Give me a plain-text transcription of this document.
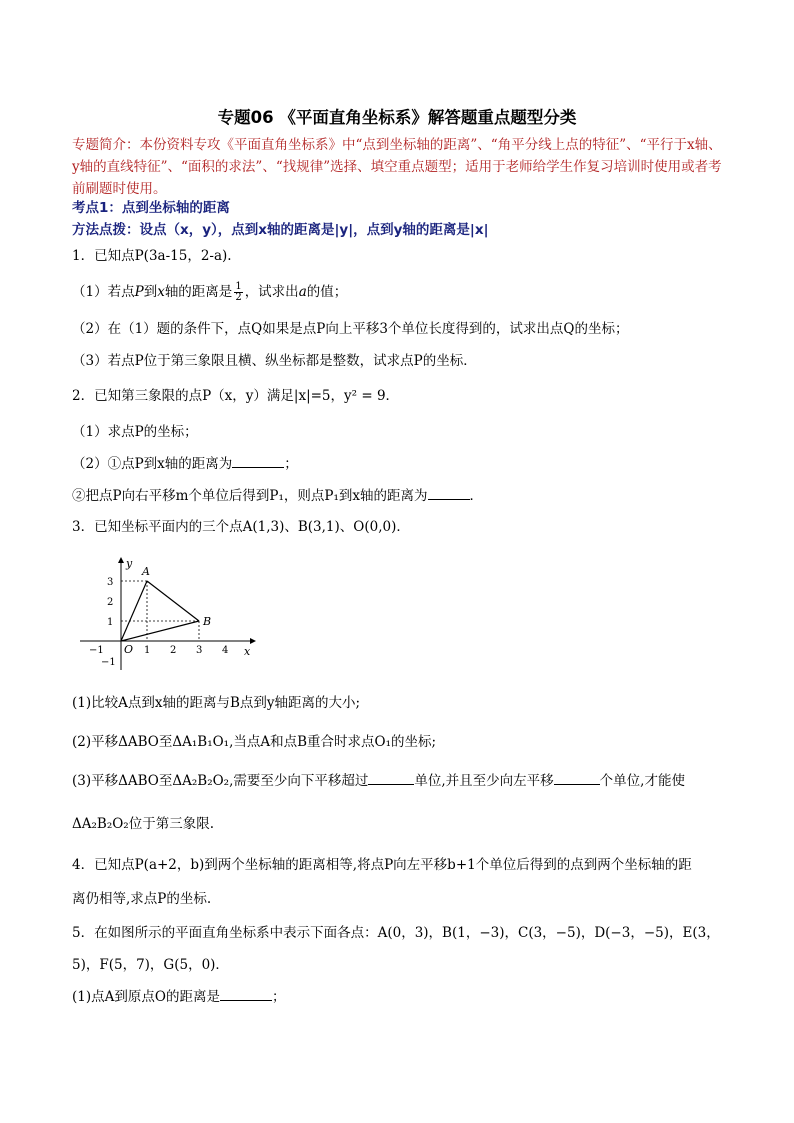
专题06 《平面直角坐标系》解答题重点题型分类
专题简介：本份资料专攻《平面直角坐标系》中“点到坐标轴的距离”、“角平分线上点的特征”、“平行于x轴、y轴的直线特征”、“面积的求法”、“找规律”选择、填空重点题型；适用于老师给学生作复习培训时使用或者考前刷题时使用。
考点1：点到坐标轴的距离
方法点拨：设点（x，y），点到x轴的距离是|y|，点到y轴的距离是|x|
1．已知点P(3a-15，2-a).
（1）若点P到x轴的距离是 $\frac{1}{2}$ ，试求出a的值；
（2）在（1）题的条件下，点Q如果是点P向上平移3个单位长度得到的，试求出点Q的坐标；
（3）若点P位于第三象限且横、纵坐标都是整数，试求点P的坐标．
2．已知第三象限的点P（x，y）满足|x|=5，y² = 9．
（1）求点P的坐标；
（2）①点P到x轴的距离为	；
②把点P向右平移m个单位后得到P₁，则点P₁到x轴的距离为	．
3．已知坐标平面内的三个点A(1,3)、B(3,1)、O(0,0)．
y
x
O
A
B
3
2
1
−1
−1	1 2 3 4
(1)比较A点到x轴的距离与B点到y轴距离的大小;
(2)平移ΔABO至ΔA₁B₁O₁,当点A和点B重合时求点O₁的坐标;
(3)平移ΔABO至ΔA₂B₂O₂,需要至少向下平移超过	单位,并且至少向左平移	个单位,才能使
ΔA₂B₂O₂位于第三象限.
4．已知点P(a+2，b)到两个坐标轴的距离相等,将点P向左平移b+1个单位后得到的点到两个坐标轴的距
离仍相等,求点P的坐标.
5．在如图所示的平面直角坐标系中表示下面各点：A(0，3)，B(1，−3)，C(3，−5)，D(−3，−5)，E(3，
5)，F(5，7)，G(5，0)．
(1)点A到原点O的距离是	；
